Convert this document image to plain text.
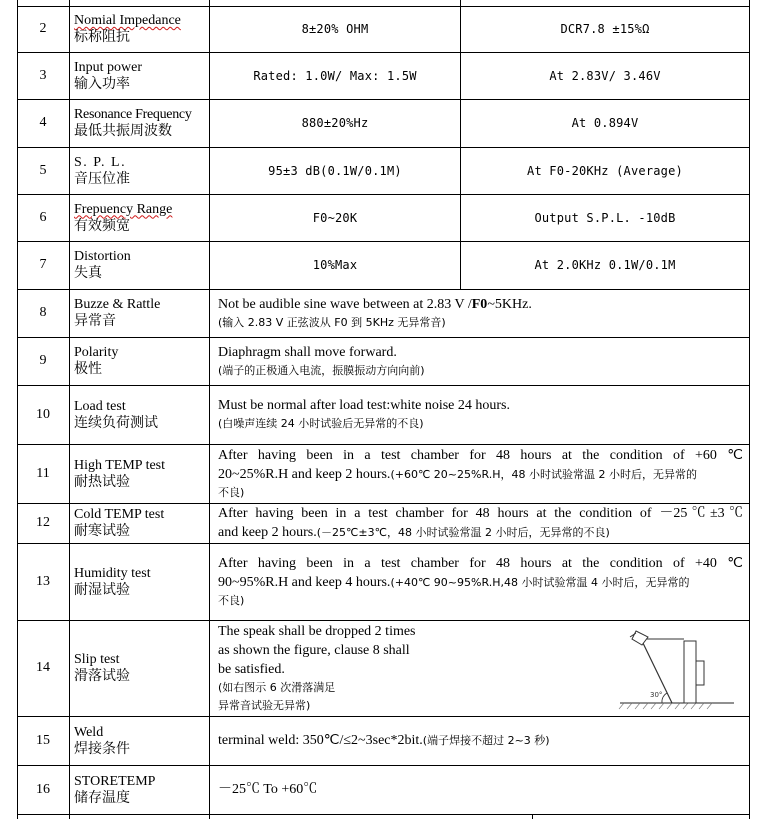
2
Nomial Impedance
标称阻抗
8±20% OHM	DCR7.8 ±15%Ω
3
Input power
输入功率
Rated: 1.0W/ Max: 1.5W	At 2.83V/ 3.46V
4
Resonance Frequency
最低共振周波数
880±20%Hz	At 0.894V
5
S. P. L.
音压位准
95±3 dB(0.1W/0.1M)	At F0-20KHz (Average)
6
Frepuency Range
有效频宽
F0~20K	Output S.P.L. -10dB
7
Distortion
失真
10%Max	At 2.0KHz 0.1W/0.1M
8
Buzze & Rattle
异常音
Not be audible sine wave between at 2.83 V /F0~5KHz.
(输入 2.83 V 正弦波从 F0 到 5KHz 无异常音)
9
Polarity
极性
Diaphragm shall move forward.
(端子的正极通入电流，振膜振动方向向前)
10
Load test
连续负荷测试
Must be normal after load test:white noise 24 hours.
(白噪声连续 24 小时试验后无异常的不良)
11
High TEMP test
耐热试验
After having been in a test chamber for 48 hours at the condition of +60 ℃
20~25%R.H and keep 2 hours.(+60℃ 20~25%R.H，48 小时试验常温 2 小时后，无异常的
不良)
12
Cold TEMP test
耐寒试验
After having been in a test chamber for 48 hours at the condition of －25℃±3℃
and keep 2 hours.(－25℃±3℃，48 小时试验常温 2 小时后，无异常的不良)
13
Humidity test
耐湿试验
After having been in a test chamber for 48 hours at the condition of +40 ℃
90~95%R.H and keep 4 hours.(+40℃ 90~95%R.H,48 小时试验常温 4 小时后，无异常的
不良)
14
Slip test
滑落试验
The speak shall be dropped 2 times
as shown the figure, clause 8 shall
be satisfied.
(如右图示 6 次滑落满足
异常音试验无异常)
30°
15
Weld
焊接条件
terminal weld: 350℃/≤2~3sec*2bit.(端子焊接不超过 2~3 秒)
16
STORETEMP
储存温度
－25℃ To +60℃
